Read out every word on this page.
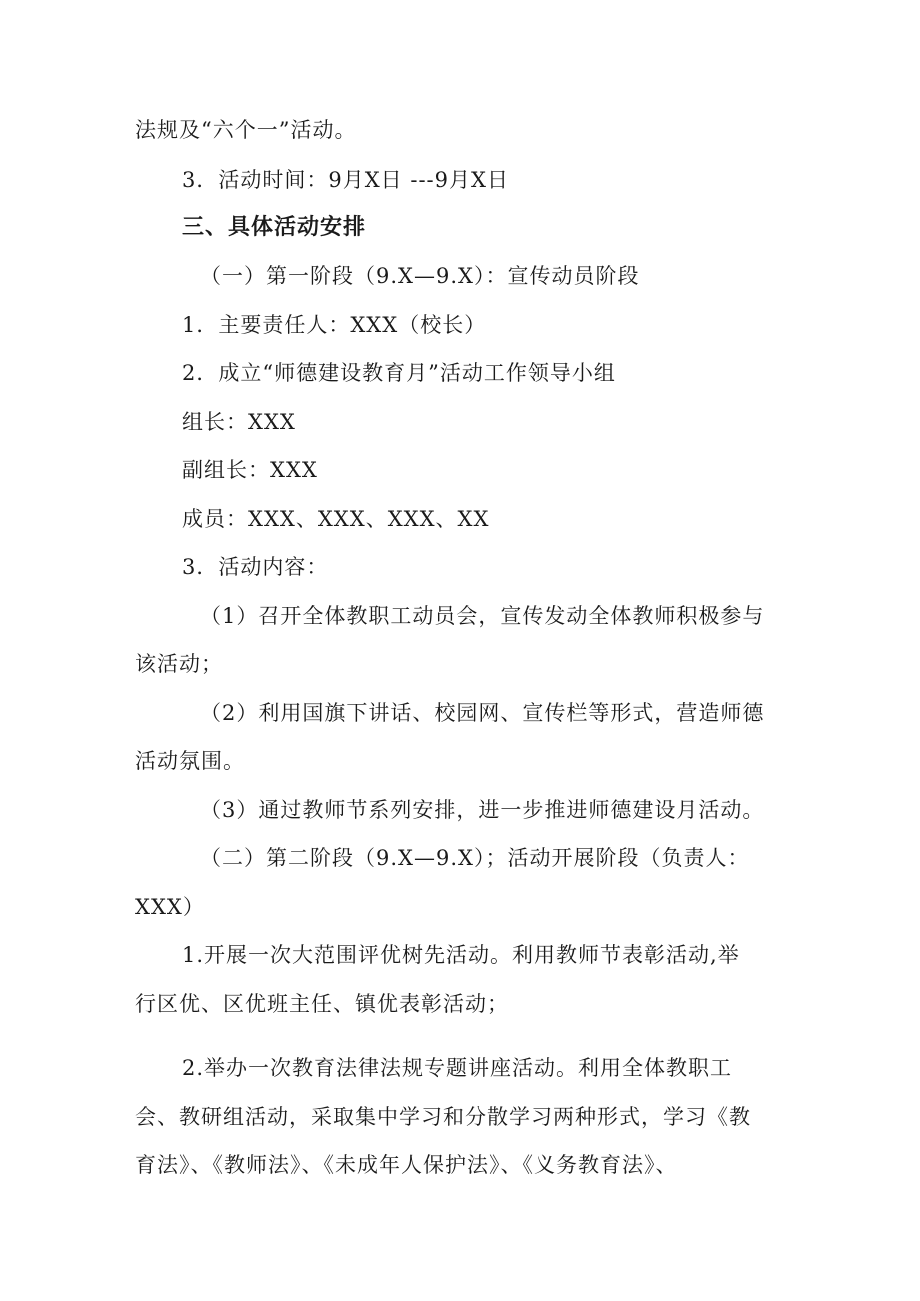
法规及“六个一”活动。
3．活动时间：9月X日 ---9月X日
三、具体活动安排
（一）第一阶段（9.X—9.X）：宣传动员阶段
1．主要责任人：XXX（校长）
2．成立“师德建设教育月”活动工作领导小组
组长：XXX
副组长：XXX
成员：XXX、XXX、XXX、XX
3．活动内容：
（1）召开全体教职工动员会，宣传发动全体教师积极参与
该活动；
（2）利用国旗下讲话、校园网、宣传栏等形式，营造师德
活动氛围。
（3）通过教师节系列安排，进一步推进师德建设月活动。
（二）第二阶段（9.X—9.X）；活动开展阶段（负责人：
XXX）
1.开展一次大范围评优树先活动。利用教师节表彰活动,举
行区优、区优班主任、镇优表彰活动；
2.举办一次教育法律法规专题讲座活动。利用全体教职工
会、教研组活动，采取集中学习和分散学习两种形式，学习《教
育法》、《教师法》、《未成年人保护法》、《义务教育法》、
